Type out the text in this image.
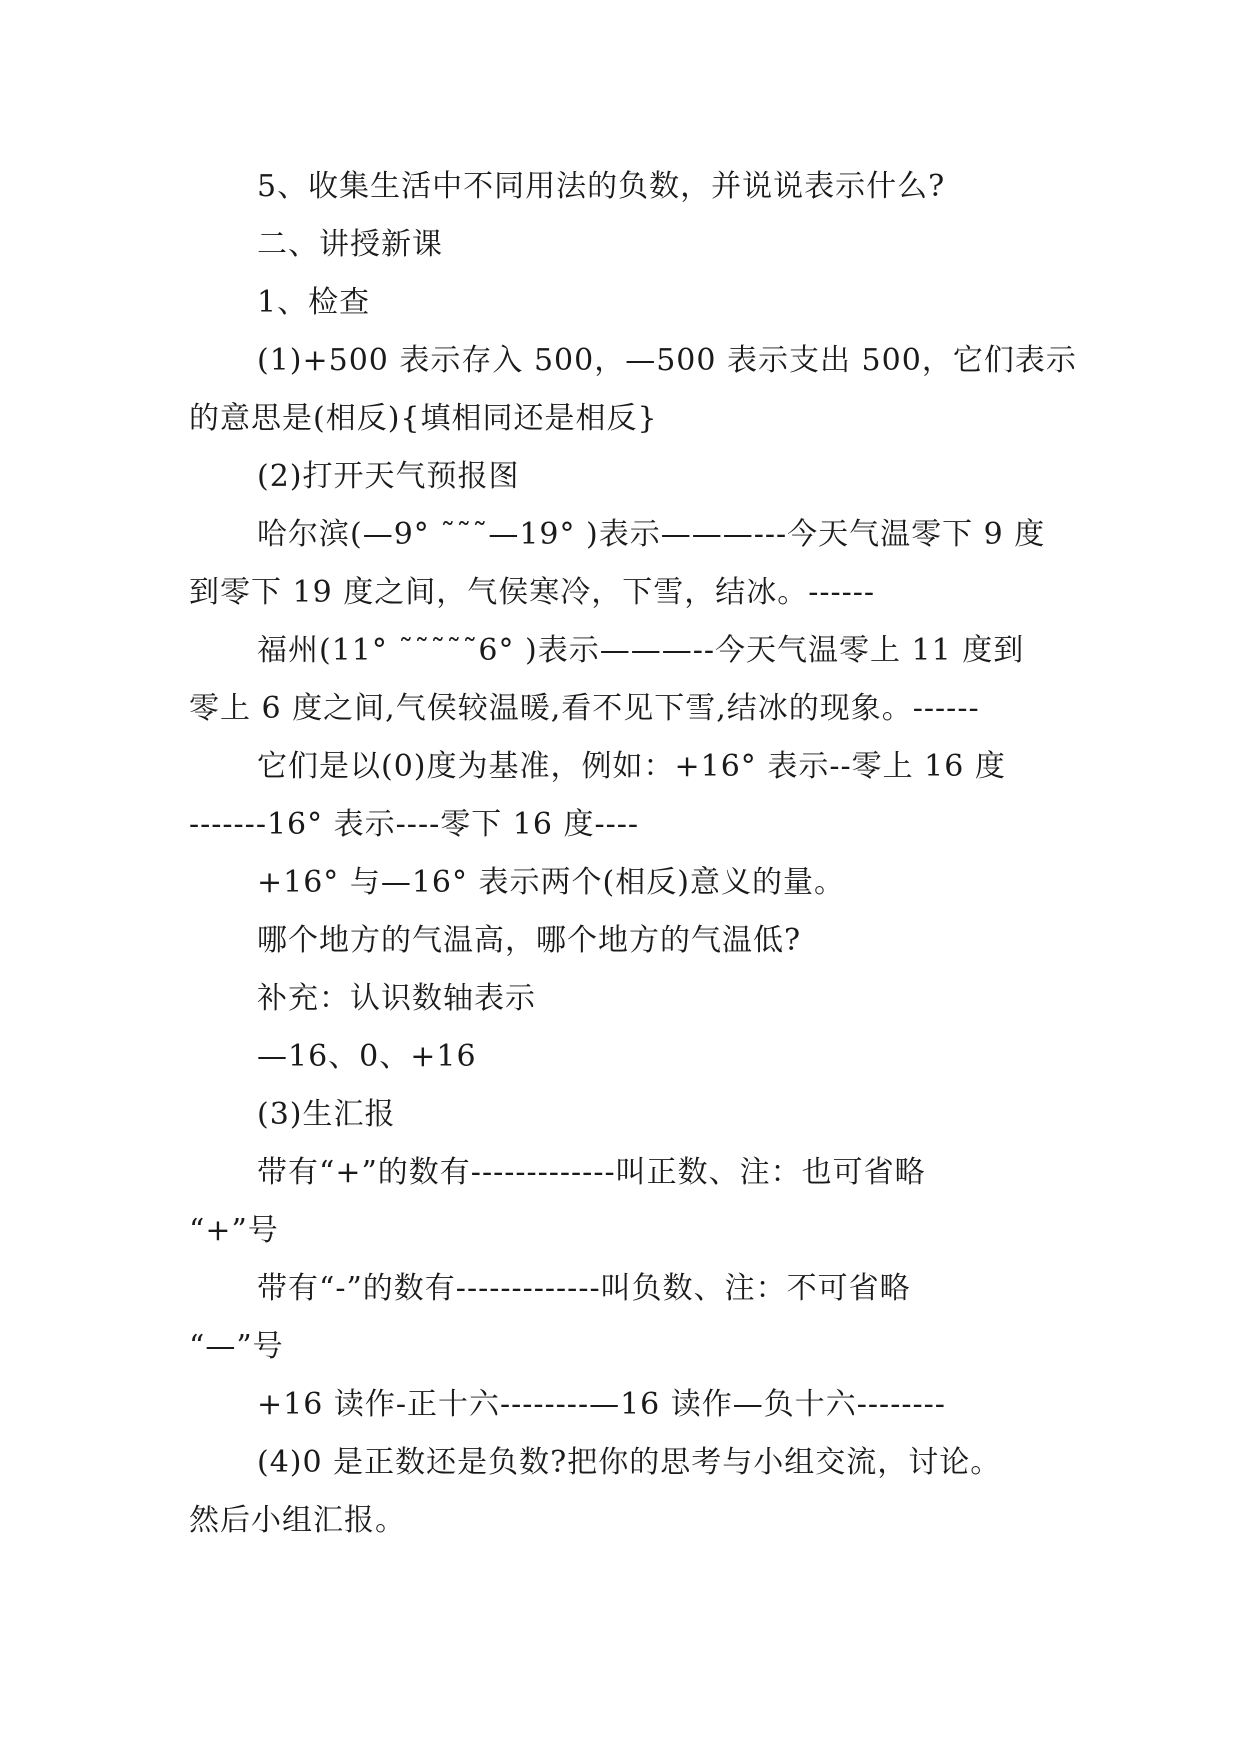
5、收集生活中不同用法的负数，并说说表示什么?
二、讲授新课
1、检查
(1)+500 表示存入 500，—500 表示支出 500，它们表示
的意思是(相反){填相同还是相反}
(2)打开天气预报图
哈尔滨(—9° ˜˜˜—19° )表示———---今天气温零下 9 度
到零下 19 度之间，气侯寒冷，下雪，结冰。------
福州(11° ˜˜˜˜˜6° )表示———--今天气温零上 11 度到
零上 6 度之间,气侯较温暖,看不见下雪,结冰的现象。------
它们是以(0)度为基准，例如：+16° 表示--零上 16 度
-------16° 表示----零下 16 度----
+16° 与—16° 表示两个(相反)意义的量。
哪个地方的气温高，哪个地方的气温低?
补充：认识数轴表示
—16、0、+16
(3)生汇报
带有“+”的数有-------------叫正数、注：也可省略
“+”号
带有“-”的数有-------------叫负数、注：不可省略
“—”号
+16 读作-正十六--------—16 读作—负十六--------
(4)0 是正数还是负数?把你的思考与小组交流，讨论。
然后小组汇报。
